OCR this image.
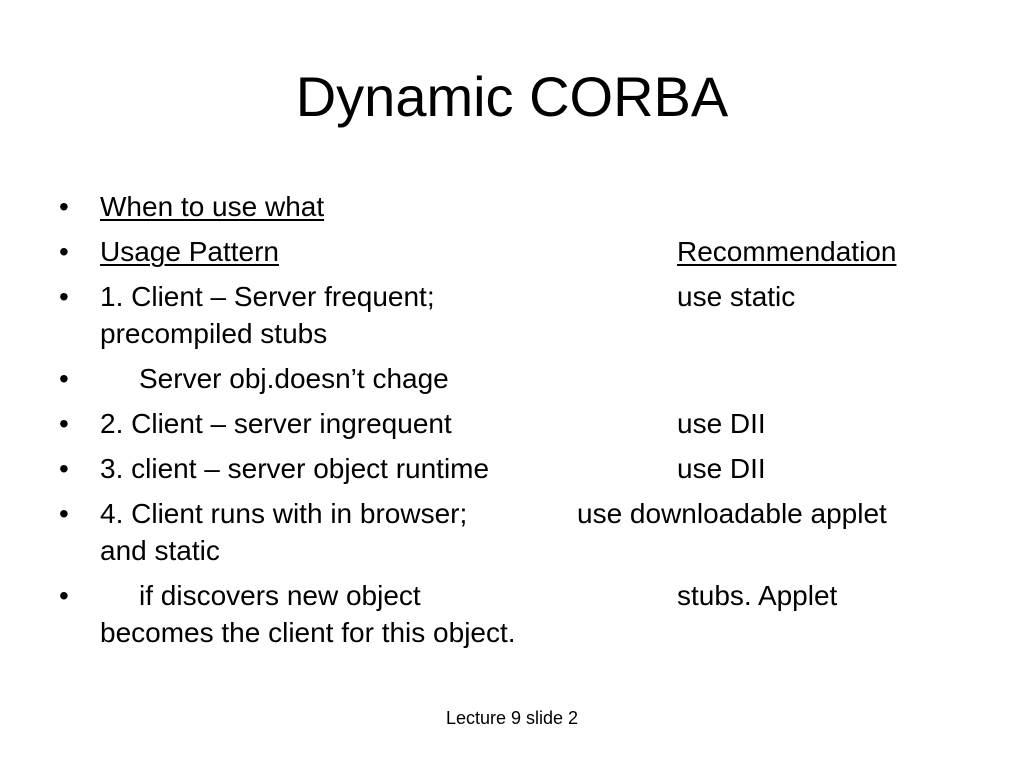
Dynamic CORBA
• When to use what
• Usage Pattern	Recommendation
• 1. Client – Server frequent;	use static
precompiled stubs
•	Server obj.doesn’t chage
• 2. Client – server ingrequent	use DII
• 3. client – server object runtime	use DII
• 4. Client runs with in browser;	use downloadable applet
and static
•	if discovers new object	stubs. Applet
becomes the client for this object.
Lecture 9 slide 2
